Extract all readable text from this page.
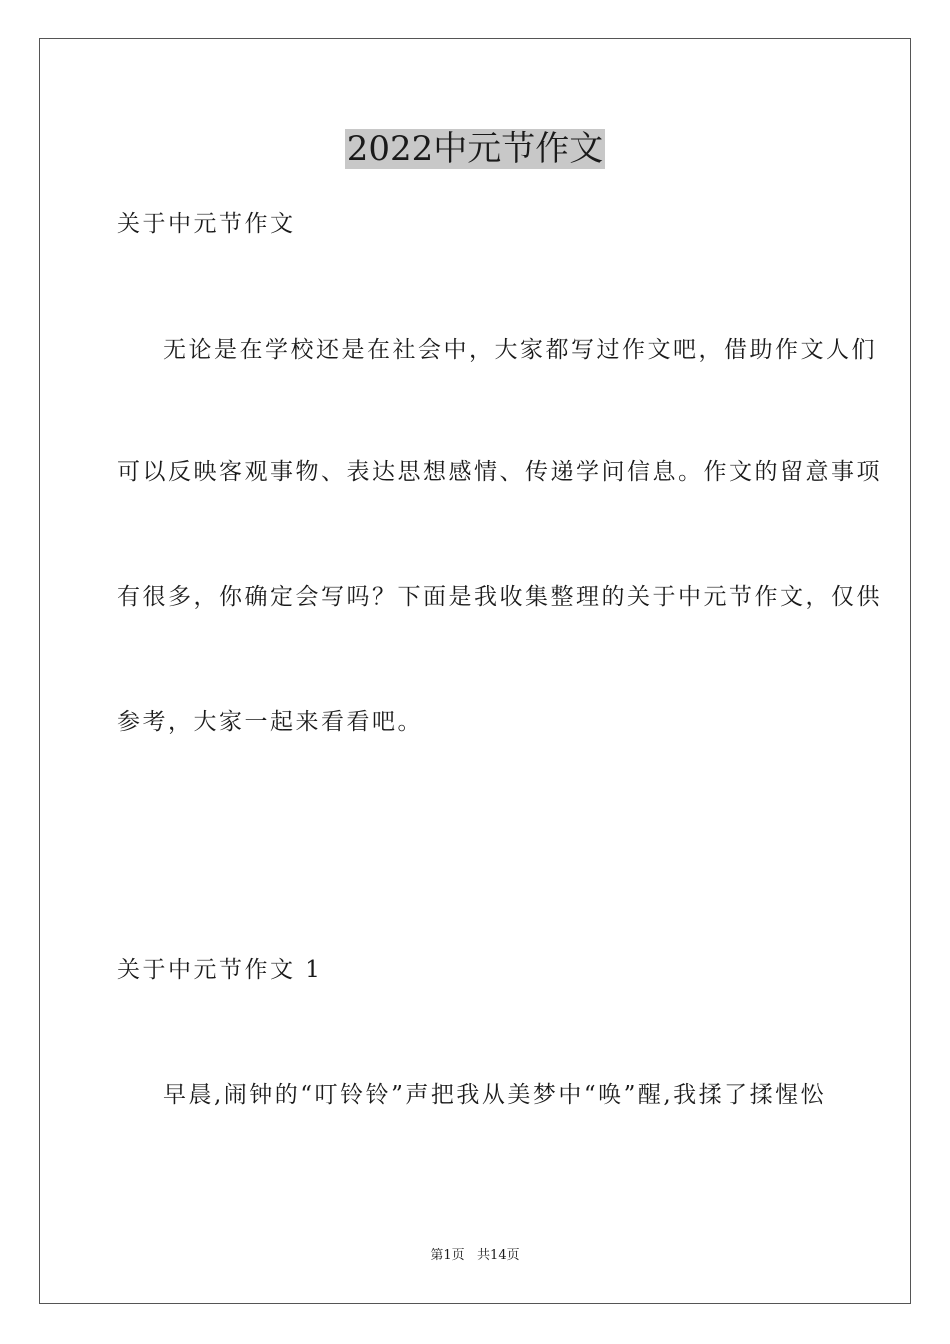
2022中元节作文
关于中元节作文
无论是在学校还是在社会中，大家都写过作文吧，借助作文人们
可以反映客观事物、表达思想感情、传递学问信息。作文的留意事项
有很多，你确定会写吗？下面是我收集整理的关于中元节作文，仅供
参考，大家一起来看看吧。
关于中元节作文 1
早晨,闹钟的“叮铃铃”声把我从美梦中“唤”醒,我揉了揉惺忪
第1页   共14页
